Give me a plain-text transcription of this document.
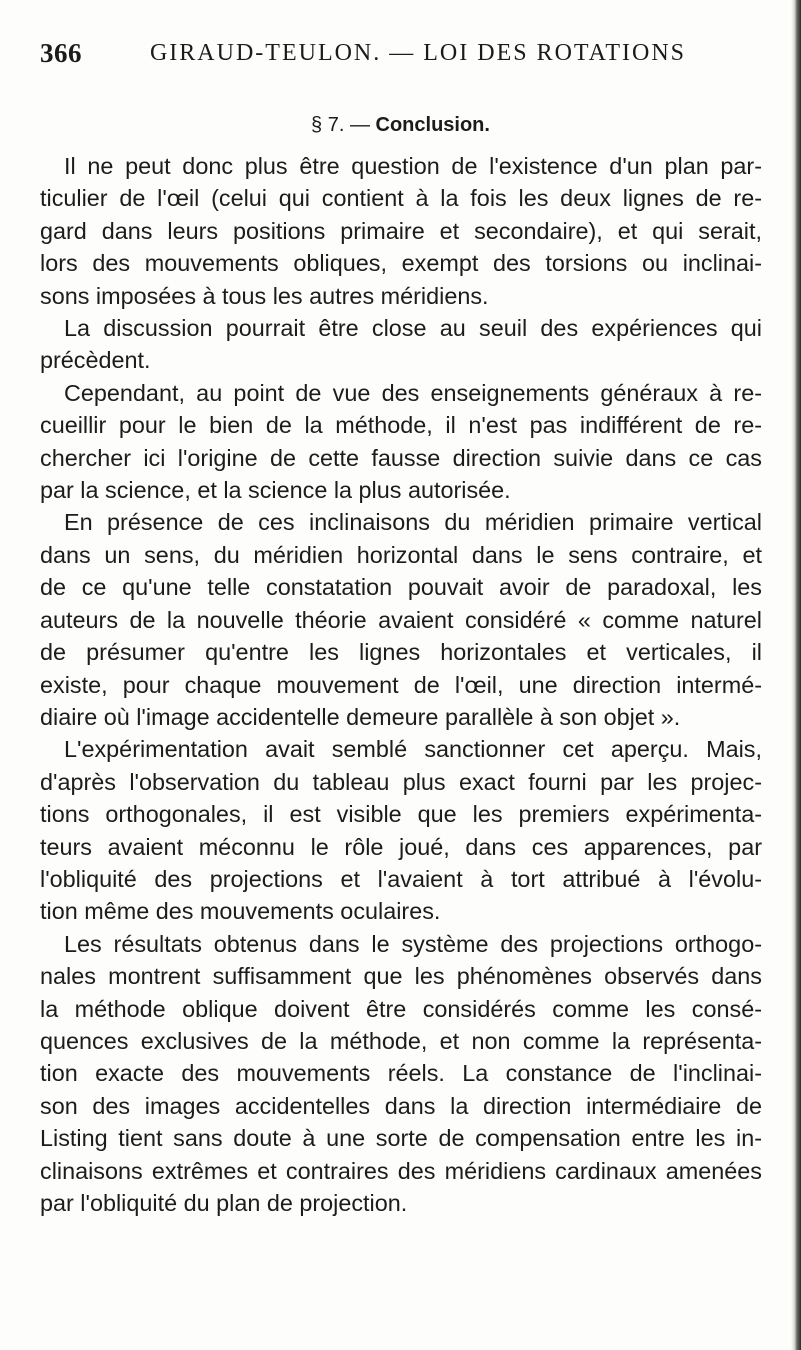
366	GIRAUD-TEULON. — LOI DES ROTATIONS
§ 7. — Conclusion.
Il ne peut donc plus être question de l'existence d'un plan par-
ticulier de l'œil (celui qui contient à la fois les deux lignes de re-
gard dans leurs positions primaire et secondaire), et qui serait,
lors des mouvements obliques, exempt des torsions ou inclinai-
sons imposées à tous les autres méridiens.
La discussion pourrait être close au seuil des expériences qui
précèdent.
Cependant, au point de vue des enseignements généraux à re-
cueillir pour le bien de la méthode, il n'est pas indifférent de re-
chercher ici l'origine de cette fausse direction suivie dans ce cas
par la science, et la science la plus autorisée.
En présence de ces inclinaisons du méridien primaire vertical
dans un sens, du méridien horizontal dans le sens contraire, et
de ce qu'une telle constatation pouvait avoir de paradoxal, les
auteurs de la nouvelle théorie avaient considéré « comme naturel
de présumer qu'entre les lignes horizontales et verticales, il
existe, pour chaque mouvement de l'œil, une direction intermé-
diaire où l'image accidentelle demeure parallèle à son objet ».
L'expérimentation avait semblé sanctionner cet aperçu. Mais,
d'après l'observation du tableau plus exact fourni par les projec-
tions orthogonales, il est visible que les premiers expérimenta-
teurs avaient méconnu le rôle joué, dans ces apparences, par
l'obliquité des projections et l'avaient à tort attribué à l'évolu-
tion même des mouvements oculaires.
Les résultats obtenus dans le système des projections orthogo-
nales montrent suffisamment que les phénomènes observés dans
la méthode oblique doivent être considérés comme les consé-
quences exclusives de la méthode, et non comme la représenta-
tion exacte des mouvements réels. La constance de l'inclinai-
son des images accidentelles dans la direction intermédiaire de
Listing tient sans doute à une sorte de compensation entre les in-
clinaisons extrêmes et contraires des méridiens cardinaux amenées
par l'obliquité du plan de projection.
